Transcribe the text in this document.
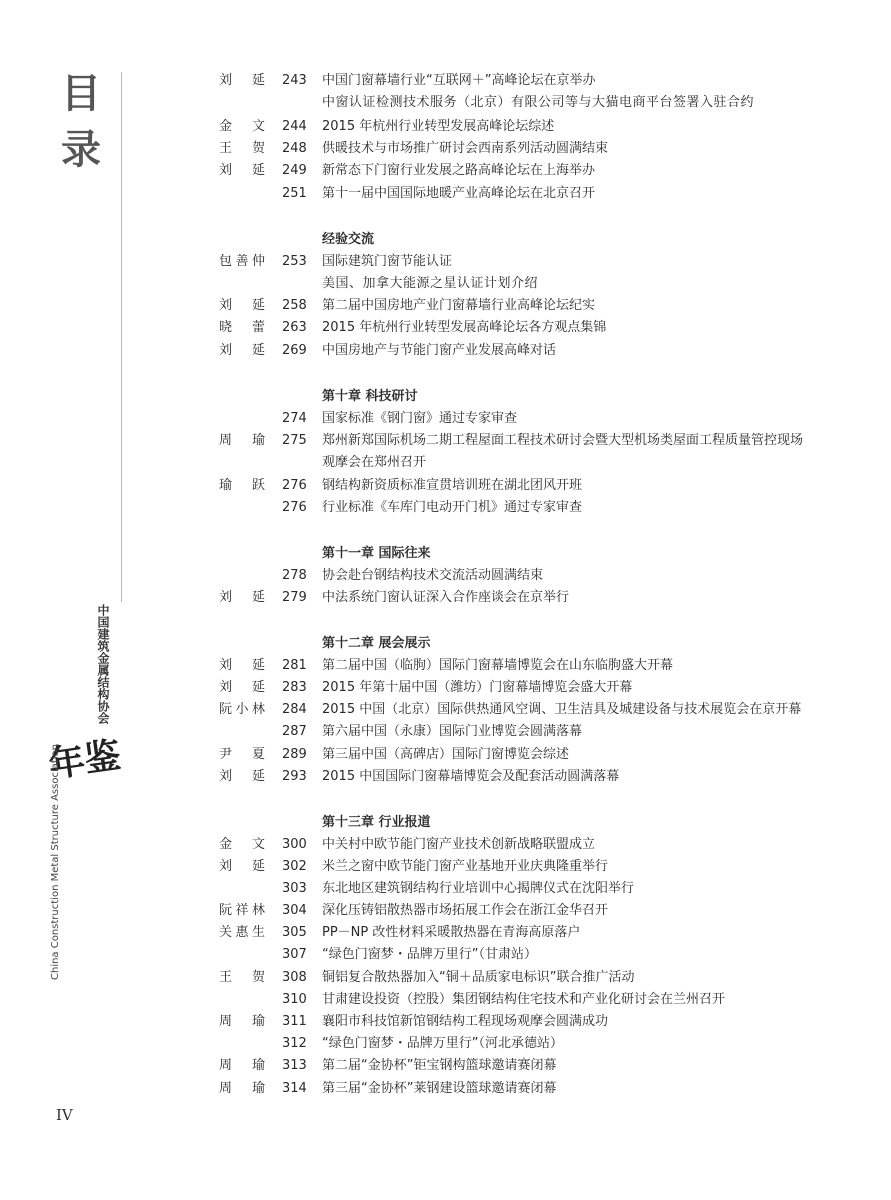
目
录
中国建筑金属结构协会
年鉴
China Construction Metal Structure Association
IV
刘 延 243	中国门窗幕墙行业“互联网＋”高峰论坛在京举办
中窗认证检测技术服务（北京）有限公司等与大猫电商平台签署入驻合约
金 文 244	2015 年杭州行业转型发展高峰论坛综述
王 贺 248	供暖技术与市场推广研讨会西南系列活动圆满结束
刘 延 249	新常态下门窗行业发展之路高峰论坛在上海举办
251	第十一届中国国际地暖产业高峰论坛在北京召开
经验交流
包善仲 253	国际建筑门窗节能认证
美国、加拿大能源之星认证计划介绍
刘 延 258	第二届中国房地产业门窗幕墙行业高峰论坛纪实
晓 蕾 263	2015 年杭州行业转型发展高峰论坛各方观点集锦
刘 延 269	中国房地产与节能门窗产业发展高峰对话
第十章 科技研讨
274	国家标准《钢门窗》通过专家审查
周 瑜 275	郑州新郑国际机场二期工程屋面工程技术研讨会暨大型机场类屋面工程质量管控现场
观摩会在郑州召开
瑜 跃 276	钢结构新资质标准宣贯培训班在湖北团风开班
276	行业标准《车库门电动开门机》通过专家审查
第十一章 国际往来
278	协会赴台钢结构技术交流活动圆满结束
刘 延 279	中法系统门窗认证深入合作座谈会在京举行
第十二章 展会展示
刘 延 281	第二届中国（临朐）国际门窗幕墙博览会在山东临朐盛大开幕
刘 延 283	2015 年第十届中国（潍坊）门窗幕墙博览会盛大开幕
阮小林 284	2015 中国（北京）国际供热通风空调、卫生洁具及城建设备与技术展览会在京开幕
287	第六届中国（永康）国际门业博览会圆满落幕
尹 夏 289	第三届中国（高碑店）国际门窗博览会综述
刘 延 293	2015 中国国际门窗幕墙博览会及配套活动圆满落幕
第十三章 行业报道
金 文 300	中关村中欧节能门窗产业技术创新战略联盟成立
刘 延 302	米兰之窗中欧节能门窗产业基地开业庆典隆重举行
303	东北地区建筑钢结构行业培训中心揭牌仪式在沈阳举行
阮祥林 304	深化压铸铝散热器市场拓展工作会在浙江金华召开
关惠生 305	PP－NP 改性材料采暖散热器在青海高原落户
307	“绿色门窗梦・品牌万里行”（甘肃站）
王 贺 308	铜铝复合散热器加入“铜＋品质家电标识”联合推广活动
310	甘肃建设投资（控股）集团钢结构住宅技术和产业化研讨会在兰州召开
周 瑜 311	襄阳市科技馆新馆钢结构工程现场观摩会圆满成功
312	“绿色门窗梦・品牌万里行”（河北承德站）
周 瑜 313	第二届“金协杯”钜宝钢构篮球邀请赛闭幕
周 瑜 314	第三届“金协杯”莱钢建设篮球邀请赛闭幕
